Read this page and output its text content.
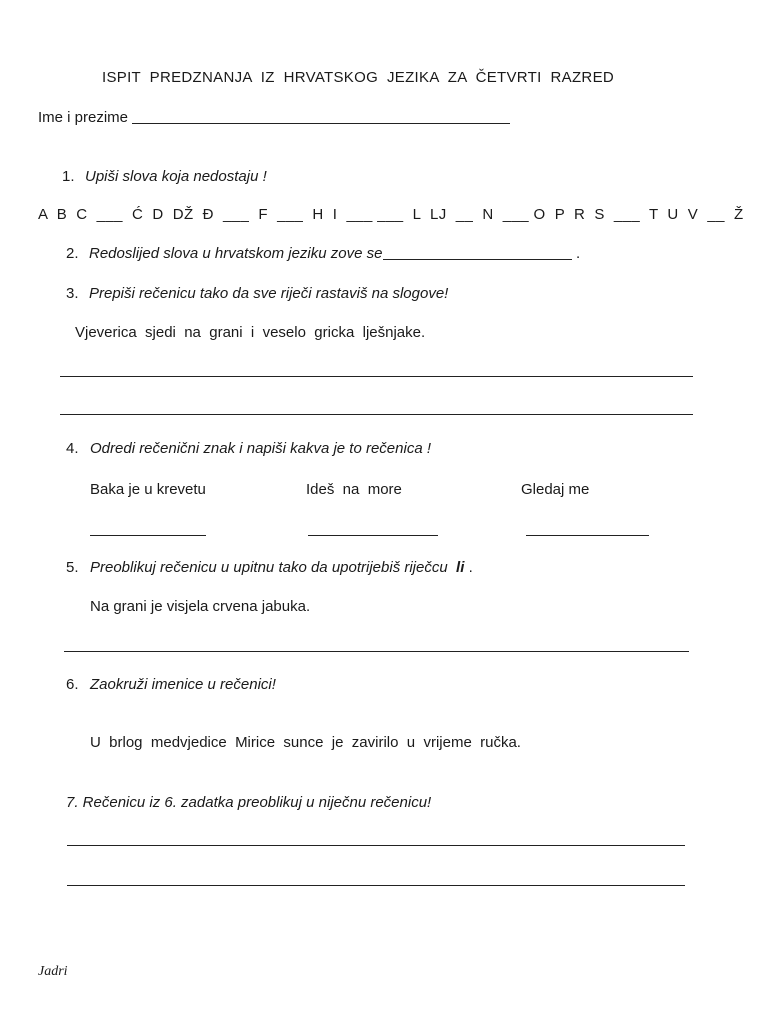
ISPIT  PREDZNANJA  IZ  HRVATSKOG  JEZIKA  ZA  ČETVRTI  RAZRED
Ime i prezime
1. Upiši slova koja nedostaju !
A  B  C  ___  Ć  D  DŽ  Đ  ___  F  ___  H  I  ___ ___  L  LJ  __  N  ___ O  P  R  S  ___  T  U  V  __  Ž
2. Redoslijed slova u hrvatskom jeziku zove se	.
3. Prepiši rečenicu tako da sve riječi rastaviš na slogove!
Vjeverica  sjedi  na  grani  i  veselo  gricka  lješnjake.
4. Odredi rečenični znak i napiši kakva je to rečenica !
Baka je u krevetu	Ideš  na  more	Gledaj me
5. Preoblikuj rečenicu u upitnu tako da upotrijebiš riječcu li .
Na grani je visjela crvena jabuka.
6. Zaokruži imenice u rečenici!
U  brlog  medvjedice  Mirice  sunce  je  zavirilo  u  vrijeme  ručka.
7. Rečenicu iz 6. zadatka preoblikuj u niječnu rečenicu!
Jadri
